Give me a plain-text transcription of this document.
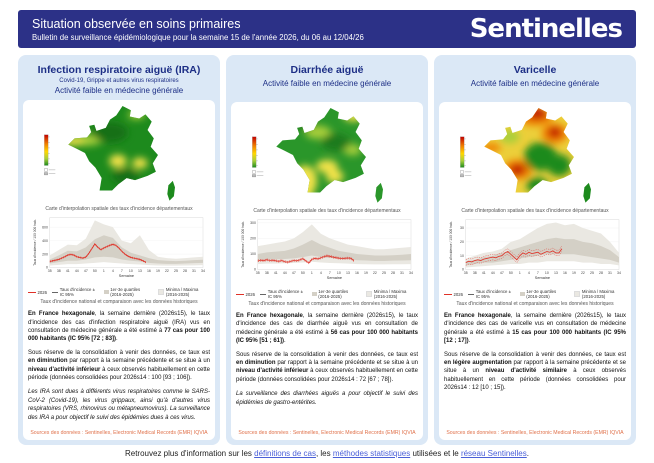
Situation observée en soins primaires
Bulletin de surveillance épidémiologique pour la semaine 15 de l'année 2026, du 06 au 12/04/26	Sentinelles
Infection respiratoire aiguë (IRA)
Covid-19, Grippe et autres virus respiratoires
Activité faible en médecine générale
Carte d'interpolation spatiale des taux d'incidence départementaux
0
200
400
600
35 38 41 44 47 50 1 4 7 10 13 16 19 22 25 28 31 34
Semaine
Taux d'incidence / 100 000 hab.
2026	Taux d'incidence ± IC 95%
1er-3e quartiles (2016-2025)
Minima / Maxima (2016-2025)
Taux d'incidence national et comparaison avec les données historiques

En France hexagonale, la semaine dernière (2026s15), le taux d'incidence des cas d'infection respiratoire aiguë (IRA) vus en consultation de médecine générale a été estimé à 77 cas pour 100 000 habitants (IC 95% [72 ; 83]).

Sous réserve de la consolidation à venir des données, ce taux est en diminution par rapport à la semaine précédente et se situe à un niveau d'activité inférieur à ceux observés habituellement en cette période (données consolidées pour 2026s14 : 100 [93 ; 106]).

Les IRA sont dues à différents virus respiratoires comme le SARS-CoV-2 (Covid-19), les virus grippaux, ainsi qu'à d'autres virus respiratoires (VRS, rhinovirus ou métapneumovirus). La surveillance des IRA a pour objectif le suivi des épidémies dues à ces virus.

Sources des données : Sentinelles, Electronic Medical Records (EMR) IQVIA
Diarrhée aiguë
Activité faible en médecine générale
Carte d'interpolation spatiale des taux d'incidence départementaux
0
100
200
300
35 38 41 44 47 50 1 4 7 10 13 16 19 22 25 28 31 34
Semaine
Taux d'incidence / 100 000 hab.
2026	Taux d'incidence ± IC 95%
1er-3e quartiles (2016-2025)
Minima / Maxima (2016-2025)
Taux d'incidence national et comparaison avec les données historiques

En France hexagonale, la semaine dernière (2026s15), le taux d'incidence des cas de diarrhée aiguë vus en consultation de médecine générale a été estimé à 56 cas pour 100 000 habitants (IC 95% [51 ; 61]).

Sous réserve de la consolidation à venir des données, ce taux est en diminution par rapport à la semaine précédente et se situe à un niveau d'activité inférieur à ceux observés habituellement en cette période (données consolidées pour 2026s14 : 72 [67 ; 78]).

La surveillance des diarrhées aiguës a pour objectif le suivi des épidémies de gastro-entérites.

Sources des données : Sentinelles, Electronic Medical Records (EMR) IQVIA
Varicelle
Activité faible en médecine générale
Carte d'interpolation spatiale des taux d'incidence départementaux
0
10
20
30
35 38 41 44 47 50 1 4 7 10 13 16 19 22 25 28 31 34
Semaine
Taux d'incidence / 100 000 hab.
2026	Taux d'incidence ± IC 95%
1er-3e quartiles (2016-2025)
Minima / Maxima (2016-2025)
Taux d'incidence national et comparaison avec les données historiques

En France hexagonale, la semaine dernière (2026s15), le taux d'incidence des cas de varicelle vus en consultation de médecine générale a été estimé à 15 cas pour 100 000 habitants (IC 95% [12 ; 17]).

Sous réserve de la consolidation à venir des données, ce taux est en légère augmentation par rapport à la semaine précédente et se situe à un niveau d'activité similaire à ceux observés habituellement en cette période (données consolidées pour 2026s14 : 12 [10 ; 15]).

Sources des données : Sentinelles, Electronic Medical Records (EMR) IQVIA
Retrouvez plus d'information sur les définitions de cas, les méthodes statistiques utilisées et le réseau Sentinelles.
